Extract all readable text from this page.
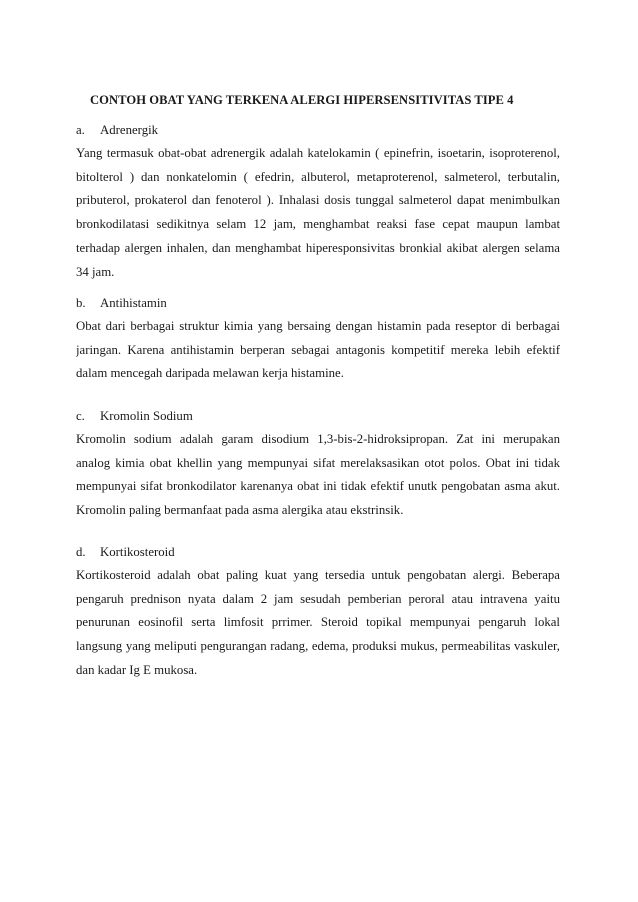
CONTOH OBAT YANG TERKENA ALERGI HIPERSENSITIVITAS TIPE 4

a. Adrenergik

Yang termasuk obat-obat adrenergik adalah katelokamin ( epinefrin, isoetarin, isoproterenol,
bitolterol ) dan nonkatelomin ( efedrin, albuterol, metaproterenol, salmeterol, terbutalin,
pributerol, prokaterol dan fenoterol ). Inhalasi dosis tunggal salmeterol dapat menimbulkan
bronkodilatasi sedikitnya selam 12 jam, menghambat reaksi fase cepat maupun lambat
terhadap alergen inhalen, dan menghambat hiperesponsivitas bronkial akibat alergen selama
34 jam.

b. Antihistamin

Obat dari berbagai struktur kimia yang bersaing dengan histamin pada reseptor di berbagai
jaringan. Karena antihistamin berperan sebagai antagonis kompetitif mereka lebih efektif
dalam mencegah daripada melawan kerja histamine.

c. Kromolin Sodium

Kromolin sodium adalah garam disodium 1,3-bis-2-hidroksipropan. Zat ini merupakan
analog kimia obat khellin yang mempunyai sifat merelaksasikan otot polos. Obat ini tidak
mempunyai sifat bronkodilator karenanya obat ini tidak efektif unutk pengobatan asma akut.
Kromolin paling bermanfaat pada asma alergika atau ekstrinsik.

d. Kortikosteroid

Kortikosteroid adalah obat paling kuat yang tersedia untuk pengobatan alergi. Beberapa
pengaruh prednison nyata dalam 2 jam sesudah pemberian peroral atau intravena yaitu
penurunan eosinofil serta limfosit prrimer. Steroid topikal mempunyai pengaruh lokal
langsung yang meliputi pengurangan radang, edema, produksi mukus, permeabilitas vaskuler,
dan kadar Ig E mukosa.
